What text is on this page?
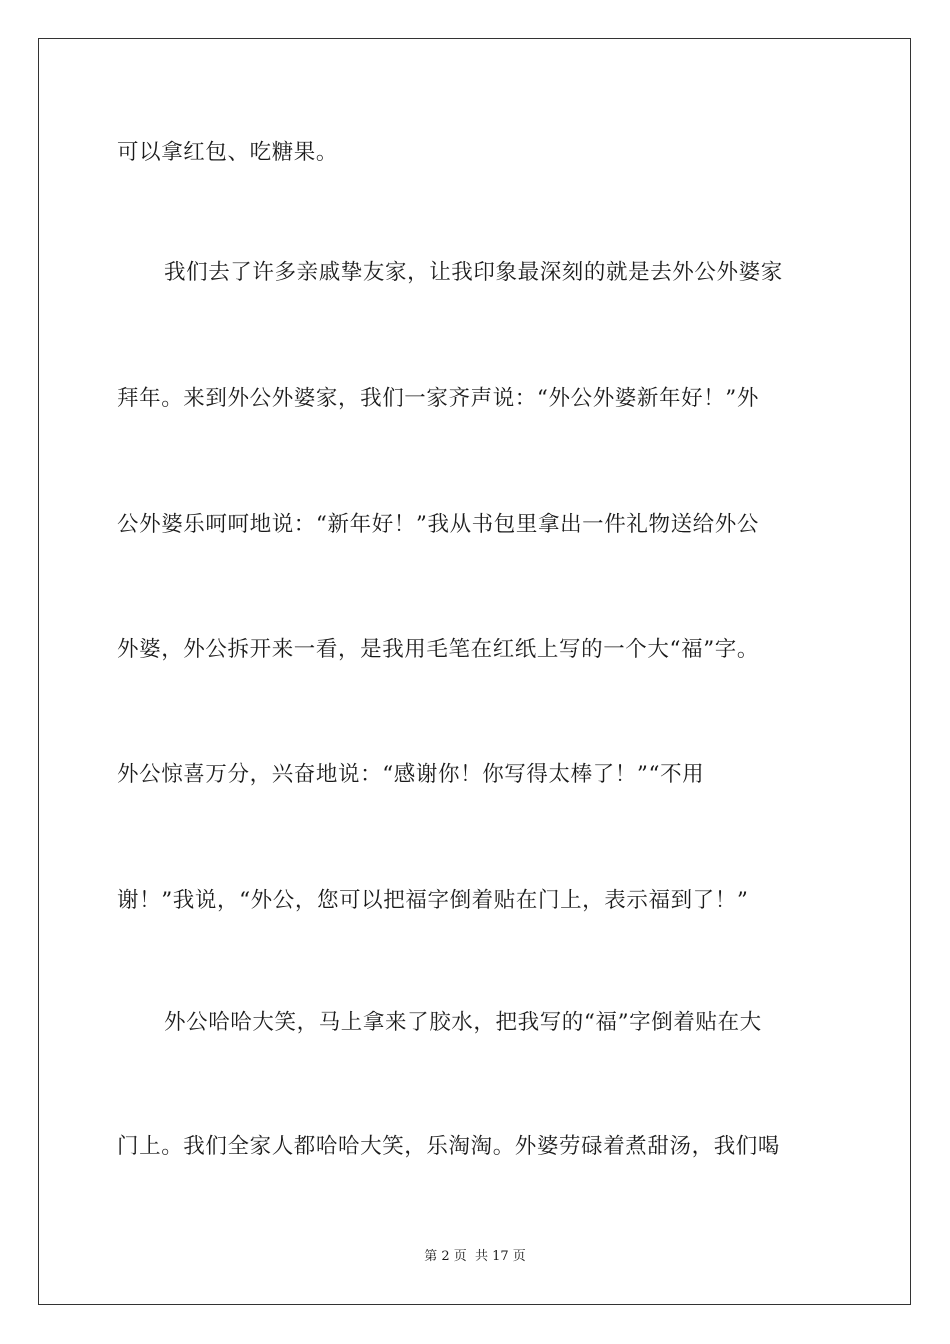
可以拿红包、吃糖果。
我们去了许多亲戚挚友家，让我印象最深刻的就是去外公外婆家
拜年。来到外公外婆家，我们一家齐声说：“外公外婆新年好！”外
公外婆乐呵呵地说：“新年好！”我从书包里拿出一件礼物送给外公
外婆，外公拆开来一看，是我用毛笔在红纸上写的一个大“福”字。
外公惊喜万分，兴奋地说：“感谢你！你写得太棒了！”“不用
谢！”我说，“外公，您可以把福字倒着贴在门上，表示福到了！”
外公哈哈大笑，马上拿来了胶水，把我写的“福”字倒着贴在大
门上。我们全家人都哈哈大笑，乐淘淘。外婆劳碌着煮甜汤，我们喝
第 2 页  共 17 页
